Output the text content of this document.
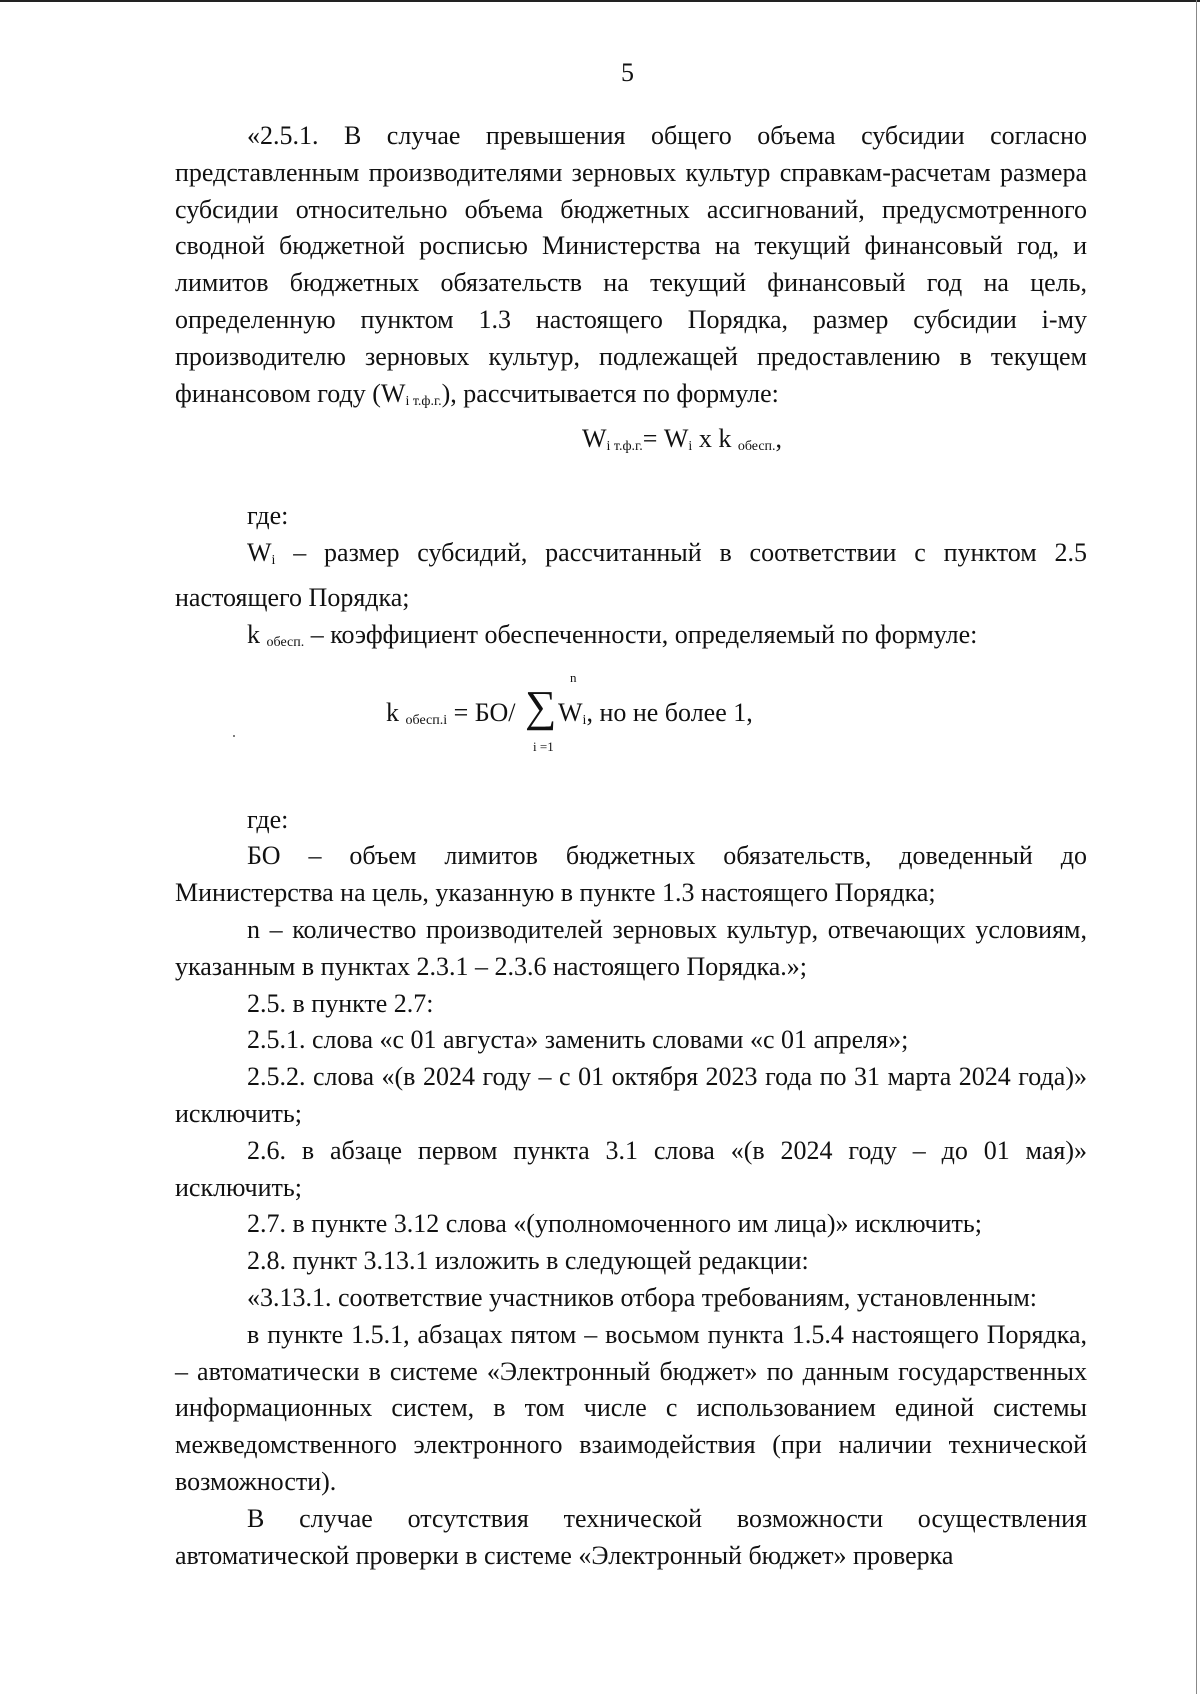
5

«2.5.1. В случае превышения общего объема субсидии согласно представленным производителями зерновых культур справкам-расчетам размера субсидии относительно объема бюджетных ассигнований, предусмотренного сводной бюджетной росписью Министерства на текущий финансовый год, и лимитов бюджетных обязательств на текущий финансовый год на цель, определенную пунктом 1.3 настоящего Порядка, размер субсидии i-му производителю зерновых культур, подлежащей предоставлению в текущем финансовом году $(W_{i т.ф.г.})$, рассчитывается по формуле:

$W_{i т.ф.г.}= W_i$ x k $_{обесп.}$,

где:

$W_i$ – размер субсидий, рассчитанный в соответствии с пунктом 2.5 настоящего Порядка;

k $_{обесп.}$ – коэффициент обеспеченности, определяемый по формуле:

k $_{обесп.i}$ = БО/
n
∑
i =1
$W_i$, но не более 1,

где:

БО – объем лимитов бюджетных обязательств, доведенный до Министерства на цель, указанную в пункте 1.3 настоящего Порядка;

n – количество производителей зерновых культур, отвечающих условиям, указанным в пунктах 2.3.1 – 2.3.6 настоящего Порядка.»;

2.5. в пункте 2.7:

2.5.1. слова «с 01 августа» заменить словами «с 01 апреля»;

2.5.2. слова «(в 2024 году – с 01 октября 2023 года по 31 марта 2024 года)» исключить;

2.6. в абзаце первом пункта 3.1 слова «(в 2024 году – до 01 мая)» исключить;

2.7. в пункте 3.12 слова «(уполномоченного им лица)» исключить;

2.8. пункт 3.13.1 изложить в следующей редакции:

«3.13.1. соответствие участников отбора требованиям, установленным:

в пункте 1.5.1, абзацах пятом – восьмом пункта 1.5.4 настоящего Порядка, – автоматически в системе «Электронный бюджет» по данным государственных информационных систем, в том числе с использованием единой системы межведомственного электронного взаимодействия (при наличии технической возможности).

В случае отсутствия технической возможности осуществления автоматической проверки в системе «Электронный бюджет» проверка
